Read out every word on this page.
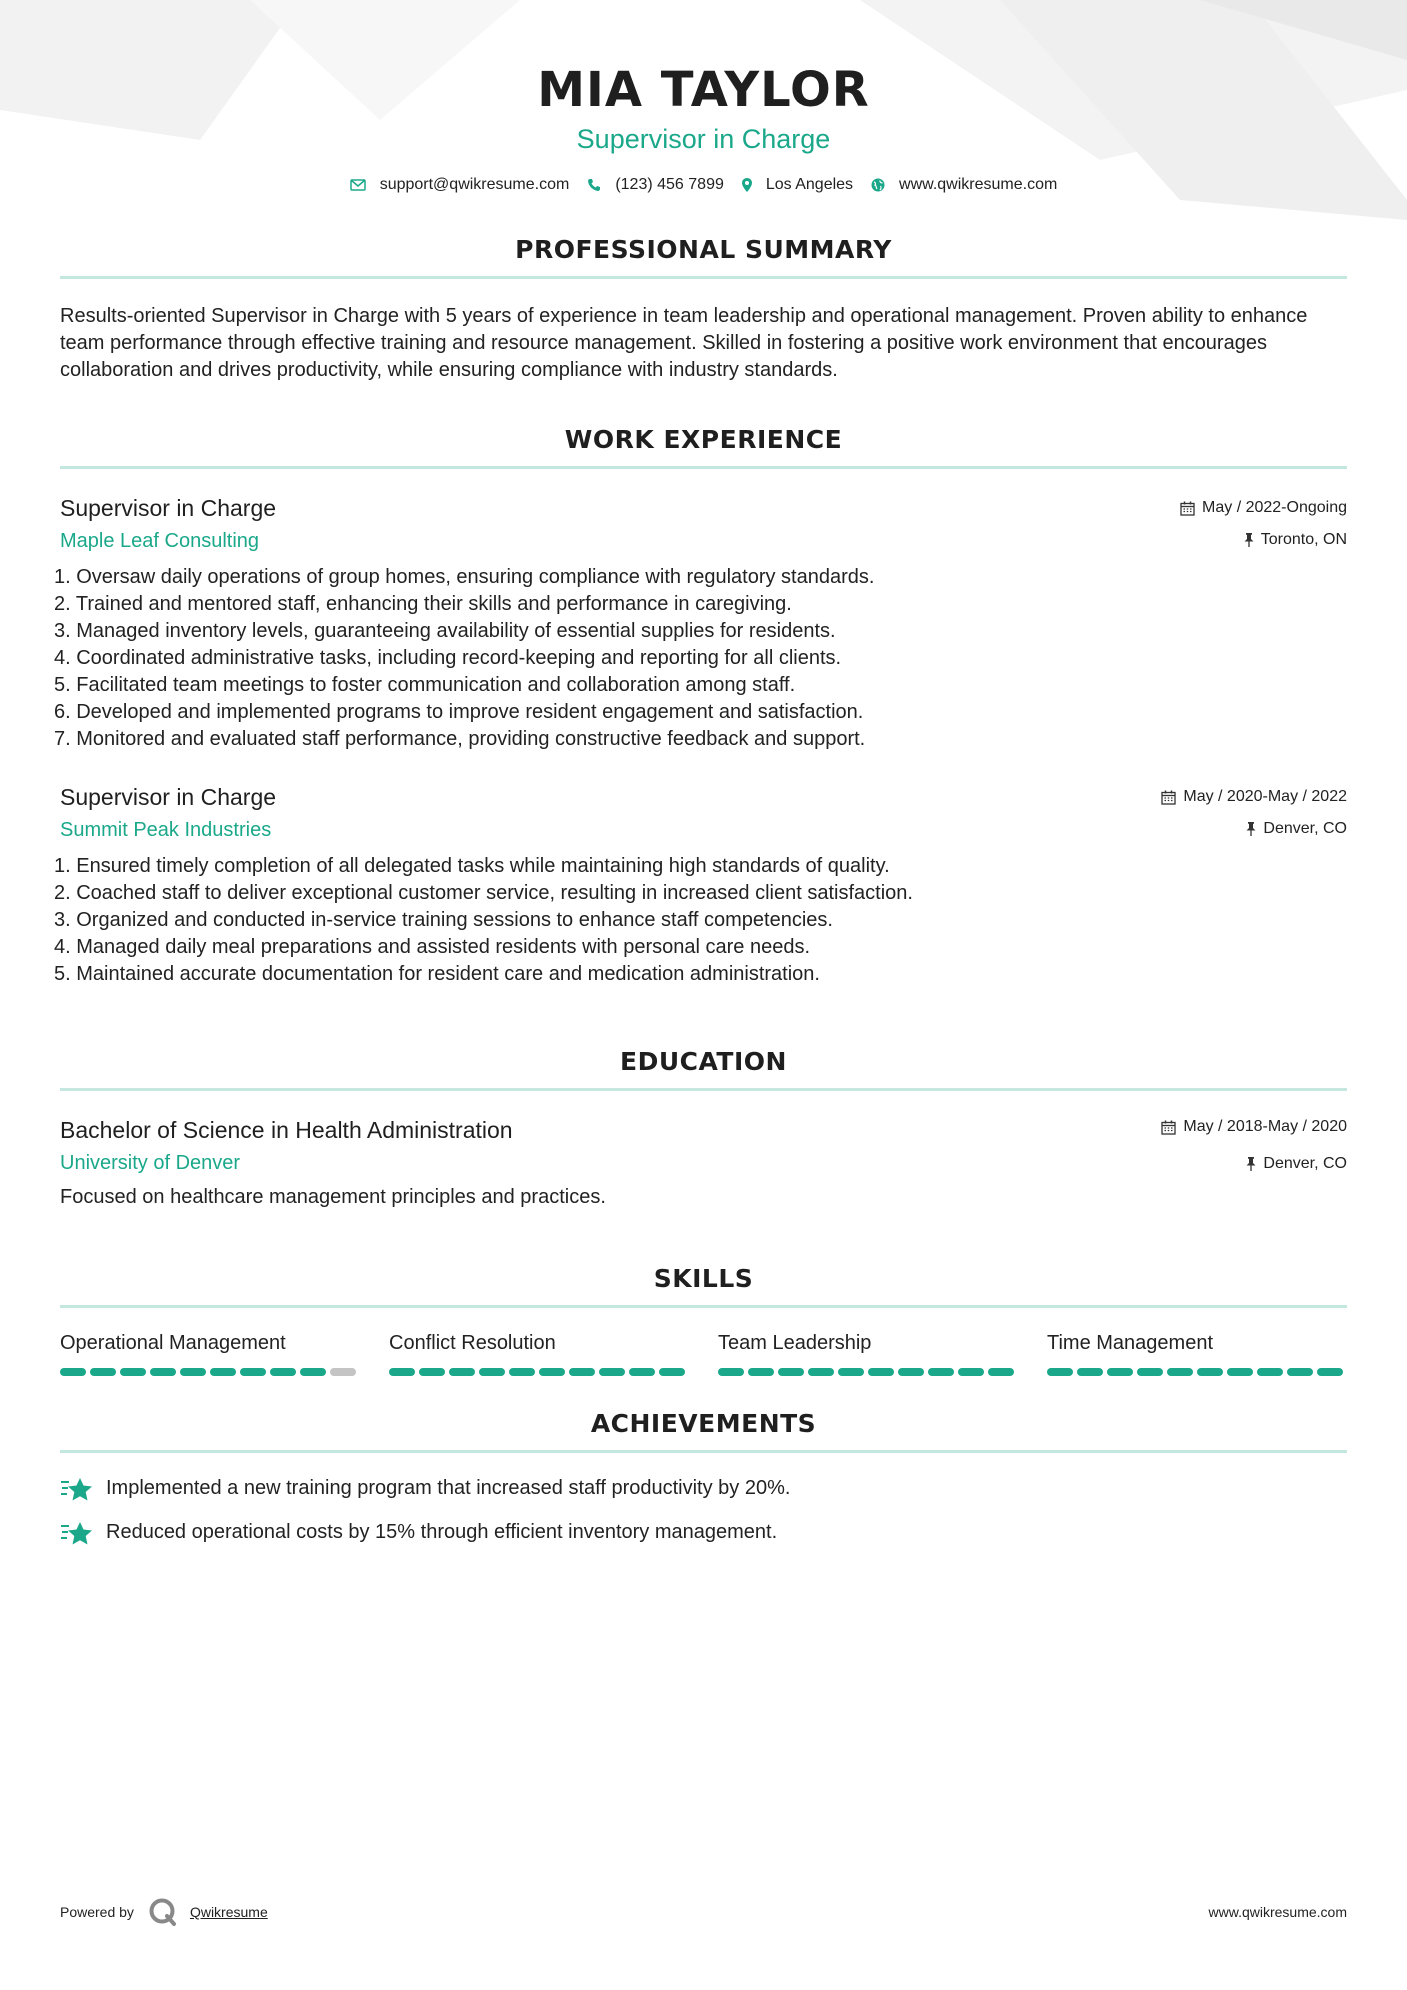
MIA TAYLOR
Supervisor in Charge
support@qwikresume.com	(123) 456 7899	Los Angeles	www.qwikresume.com
PROFESSIONAL SUMMARY
Results-oriented Supervisor in Charge with 5 years of experience in team leadership and operational management. Proven ability to enhance team performance through effective training and resource management. Skilled in fostering a positive work environment that encourages collaboration and drives productivity, while ensuring compliance with industry standards.
WORK EXPERIENCE
Supervisor in Charge
Maple Leaf Consulting
May / 2022-Ongoing
Toronto, ON
1. Oversaw daily operations of group homes, ensuring compliance with regulatory standards.
2. Trained and mentored staff, enhancing their skills and performance in caregiving.
3. Managed inventory levels, guaranteeing availability of essential supplies for residents.
4. Coordinated administrative tasks, including record-keeping and reporting for all clients.
5. Facilitated team meetings to foster communication and collaboration among staff.
6. Developed and implemented programs to improve resident engagement and satisfaction.
7. Monitored and evaluated staff performance, providing constructive feedback and support.
Supervisor in Charge
Summit Peak Industries
May / 2020-May / 2022
Denver, CO
1. Ensured timely completion of all delegated tasks while maintaining high standards of quality.
2. Coached staff to deliver exceptional customer service, resulting in increased client satisfaction.
3. Organized and conducted in-service training sessions to enhance staff competencies.
4. Managed daily meal preparations and assisted residents with personal care needs.
5. Maintained accurate documentation for resident care and medication administration.
EDUCATION
Bachelor of Science in Health Administration
University of Denver
May / 2018-May / 2020
Denver, CO
Focused on healthcare management principles and practices.
SKILLS
Operational Management	Conflict Resolution	Team Leadership	Time Management
ACHIEVEMENTS
Implemented a new training program that increased staff productivity by 20%.
Reduced operational costs by 15% through efficient inventory management.
Powered by	Qwikresume	www.qwikresume.com
